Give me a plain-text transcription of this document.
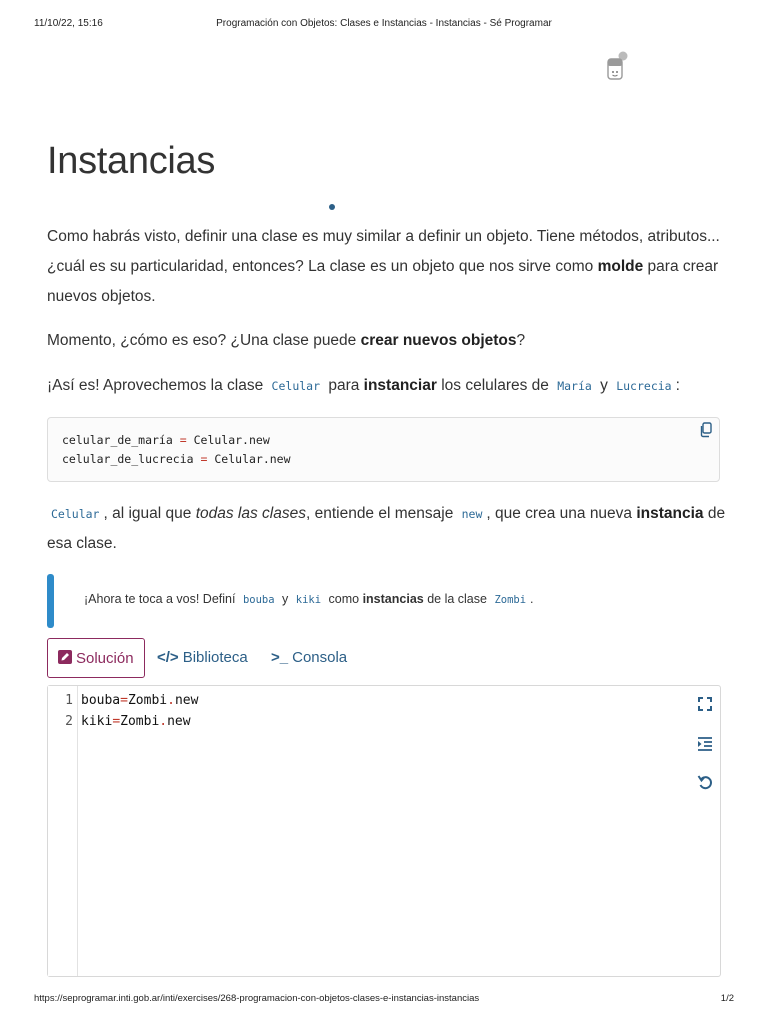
11/10/22, 15:16	Programación con Objetos: Clases e Instancias - Instancias - Sé Programar
Instancias

Como habrás visto, definir una clase es muy similar a definir un objeto. Tiene métodos, atributos... ¿cuál es su particularidad, entonces? La clase es un objeto que nos sirve como molde para crear nuevos objetos.

Momento, ¿cómo es eso? ¿Una clase puede crear nuevos objetos?

¡Así es! Aprovechemos la clase Celular para instanciar los celulares de María y Lucrecia :

celular_de_maría = Celular.new
celular_de_lucrecia = Celular.new

Celular , al igual que todas las clases, entiende el mensaje new , que crea una nueva instancia de esa clase.

¡Ahora te toca a vos! Definí bouba y kiki como instancias de la clase Zombi .
Solución	</> Biblioteca	>_ Consola
1
2
bouba=Zombi.new
kiki=Zombi.new
https://seprogramar.inti.gob.ar/inti/exercises/268-programacion-con-objetos-clases-e-instancias-instancias	1/2
